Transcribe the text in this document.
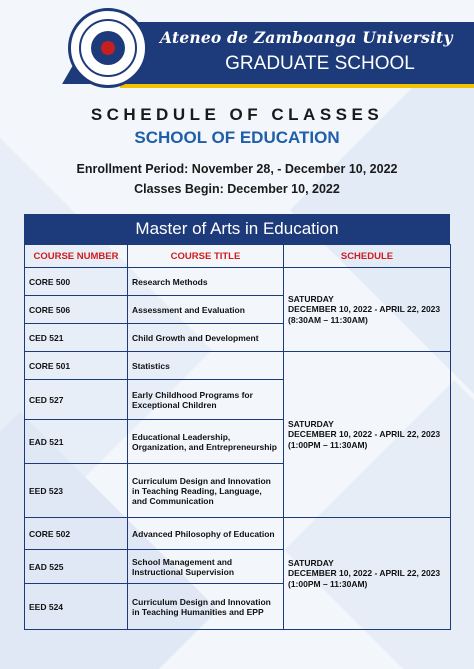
Ateneo de Zamboanga University
GRADUATE SCHOOL
SCHEDULE OF CLASSES
SCHOOL OF EDUCATION
Enrollment Period: November 28, - December 10, 2022
Classes Begin: December 10, 2022
Master of Arts in Education
COURSE NUMBER	COURSE TITLE	SCHEDULE
CORE 500	Research Methods	SATURDAY
DECEMBER 10, 2022 - APRIL 22, 2023
(8:30AM – 11:30AM)

CORE 506	Assessment and Evaluation	
CED 521	Child Growth and Development	
CORE 501	Statistics	SATURDAY
DECEMBER 10, 2022 - APRIL 22, 2023
(1:00PM – 11:30AM)

CED 527	Early Childhood Programs for Exceptional Children	
EAD 521	Educational Leadership, Organization, and Entrepreneurship	
EED 523	Curriculum Design and Innovation in Teaching Reading, Language, and Communication	
CORE 502	Advanced Philosophy of Education	SATURDAY
DECEMBER 10, 2022 - APRIL 22, 2023
(1:00PM – 11:30AM)

EAD 525	School Management and Instructional Supervision	
EED 524	Curriculum Design and Innovation in Teaching Humanities and EPP	
